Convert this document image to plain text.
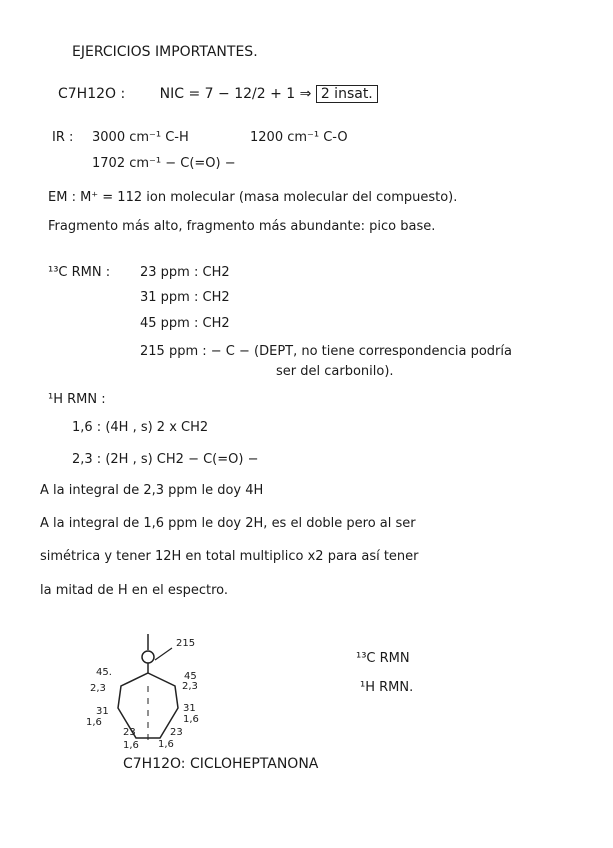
EJERCICIOS IMPORTANTES.
C7H12O : NIC = 7 − 12/2 + 1 ⇒ 2 insat.
IR : 3000 cm⁻¹ C-H	1200 cm⁻¹ C-O
1702 cm⁻¹ − C(=O) −
EM : M⁺ = 112 ion molecular (masa molecular del compuesto).
Fragmento más alto, fragmento más abundante: pico base.
¹³C RMN : 23 ppm : CH2
31 ppm : CH2
45 ppm : CH2
215 ppm : − C − (DEPT, no tiene correspondencia podría
ser del carbonilo).
¹H RMN :
1,6 : (4H , s) 2 x CH2
2,3 : (2H , s) CH2 − C(=O) −
A la integral de 2,3 ppm le doy 4H
A la integral de 1,6 ppm le doy 2H, es el doble pero al ser
simétrica y tener 12H en total multiplico x2 para así tener
la mitad de H en el espectro.
215
45.
2,3
45
2,3
31
1,6
31
1,6
23
1,6
23
1,6
C7H12O: CICLOHEPTANONA
¹³C RMN
¹H RMN.
